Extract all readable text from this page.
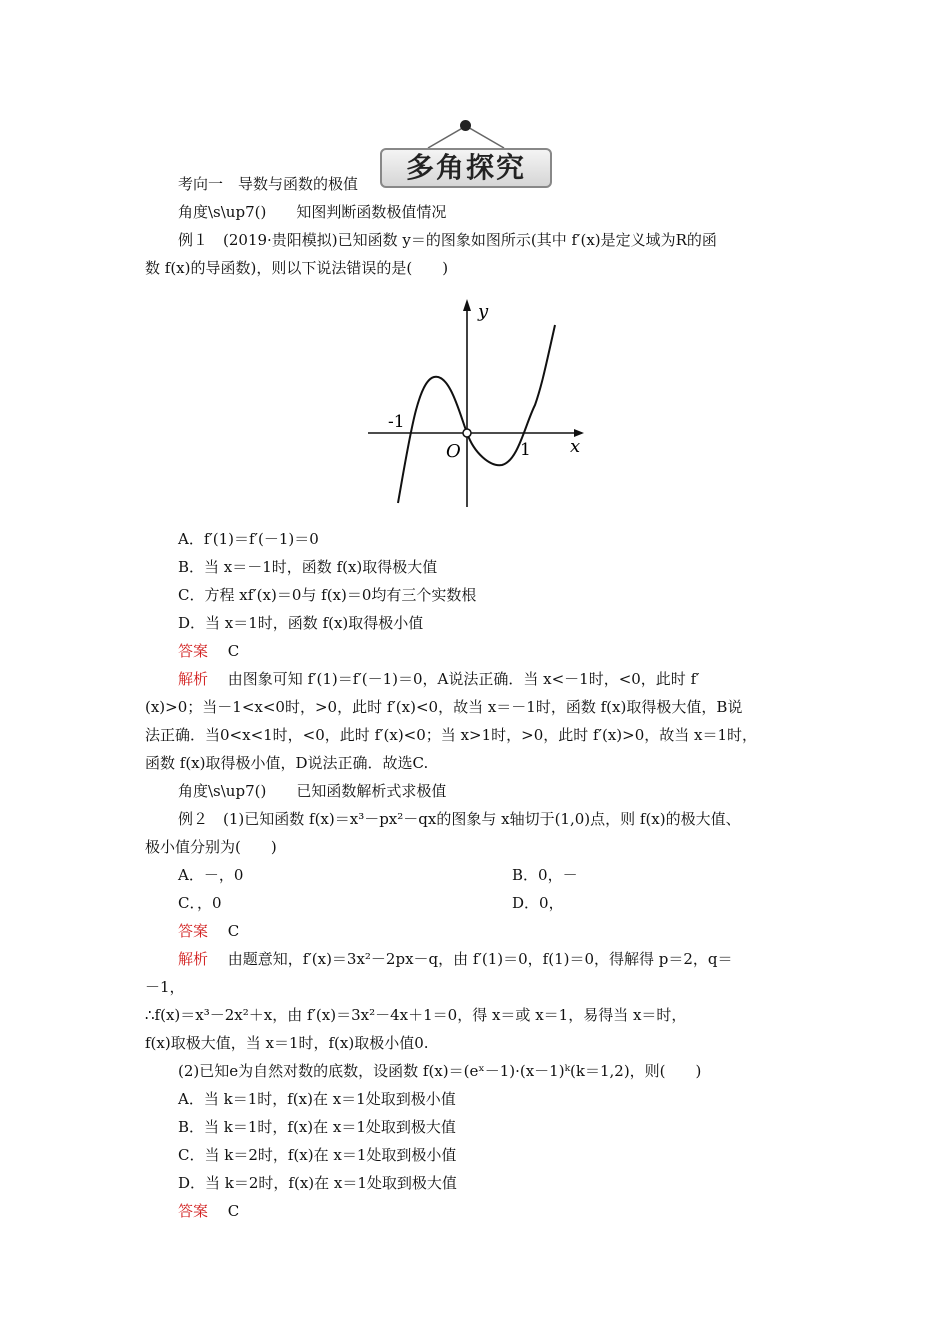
多角探究
考向一　导数与函数的极值
角度\s\up7()　　知图判断函数极值情况
例１　(2019·贵阳模拟)已知函数 y＝的图象如图所示(其中 f′(x)是定义域为R的函
数 f(x)的导函数)，则以下说法错误的是(　　)
y
x
O
-1
1
A．f′(1)＝f′(－1)＝0
B．当 x＝－1时，函数 f(x)取得极大值
C．方程 xf′(x)＝0与 f(x)＝0均有三个实数根
D．当 x＝1时，函数 f(x)取得极小值
答案　 C
解析　 由图象可知 f′(1)＝f′(－1)＝0，A说法正确．当 x<－1时，<0，此时 f′
(x)>0；当－1<x<0时，>0，此时 f′(x)<0，故当 x＝－1时，函数 f(x)取得极大值，B说
法正确．当0<x<1时，<0，此时 f′(x)<0；当 x>1时，>0，此时 f′(x)>0，故当 x＝1时，
函数 f(x)取得极小值，D说法正确．故选C.
角度\s\up7()　　已知函数解析式求极值
例２　(1)已知函数 f(x)＝x³－px²－qx的图象与 x轴切于(1,0)点，则 f(x)的极大值、
极小值分别为(　　)
A．－，0	B．0，－
C．，0	D．0，
答案　 C
解析　 由题意知，f′(x)＝3x²－2px－q，由 f′(1)＝0，f(1)＝0，得解得 p＝2，q＝
－1，
∴f(x)＝x³－2x²＋x，由 f′(x)＝3x²－4x＋1＝0，得 x＝或 x＝1，易得当 x＝时，
f(x)取极大值，当 x＝1时，f(x)取极小值0.
(2)已知e为自然对数的底数，设函数 f(x)＝(eˣ－1)·(x－1)ᵏ(k＝1,2)，则(　　)
A．当 k＝1时，f(x)在 x＝1处取到极小值
B．当 k＝1时，f(x)在 x＝1处取到极大值
C．当 k＝2时，f(x)在 x＝1处取到极小值
D．当 k＝2时，f(x)在 x＝1处取到极大值
答案　 C
